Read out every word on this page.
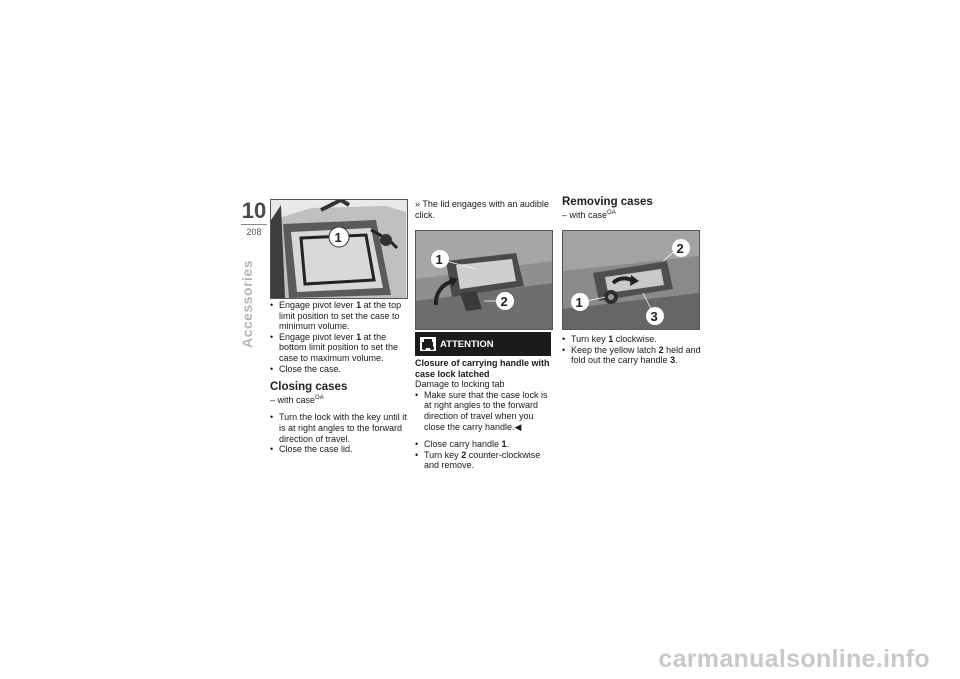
10
208
Accessories
1
• Engage pivot lever 1 at the top limit position to set the case to minimum volume.
• Engage pivot lever 1 at the bottom limit position to set the case to maximum volume.
• Close the case.
Closing cases
– with case$^{OA}$
• Turn the lock with the key until it is at right angles to the forward direction of travel.
• Close the case lid.
» The lid engages with an audible click.
1
2
ATTENTION
Closure of carrying handle with case lock latched
Damage to locking tab
• Make sure that the case lock is at right angles to the forward direction of travel when you close the carry handle.◀
• Close carry handle 1.
• Turn key 2 counter-clockwise and remove.
Removing cases
– with case$^{OA}$
2
1
3
• Turn key 1 clockwise.
• Keep the yellow latch 2 held and fold out the carry handle 3.
carmanualsonline.info
